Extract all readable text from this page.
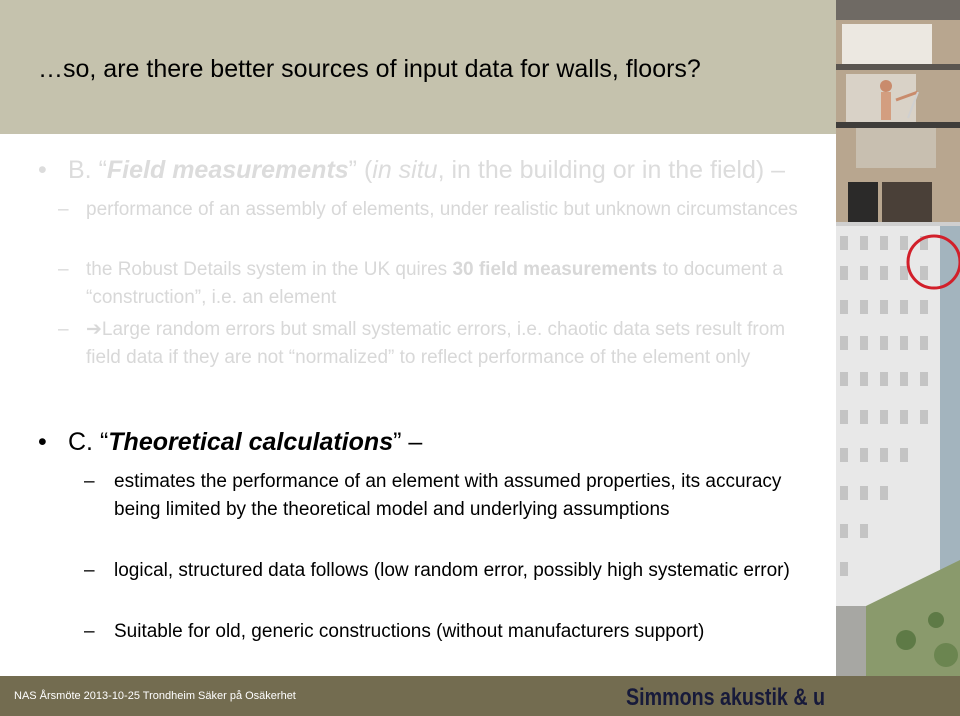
…so, are there better sources of input data for walls, floors?
• B. “Field measurements” (in situ, in the building or in the field) –
– performance of an assembly of elements, under realistic but unknown circumstances
– the Robust Details system in the UK quires 30 field measurements to document a “construction”, i.e. an element
– ➔Large random errors but small systematic errors, i.e. chaotic data sets result from field data if they are not “normalized” to reflect performance of the element only
• C. “Theoretical calculations” –
– estimates the performance of an element with assumed properties, its accuracy being limited by the theoretical model and underlying assumptions
– logical, structured data follows (low random error, possibly high systematic error)
– Suitable for old, generic constructions (without manufacturers support)
NAS Årsmöte 2013-10-25 Trondheim Säker på Osäkerhet	Simmons akustik & u
